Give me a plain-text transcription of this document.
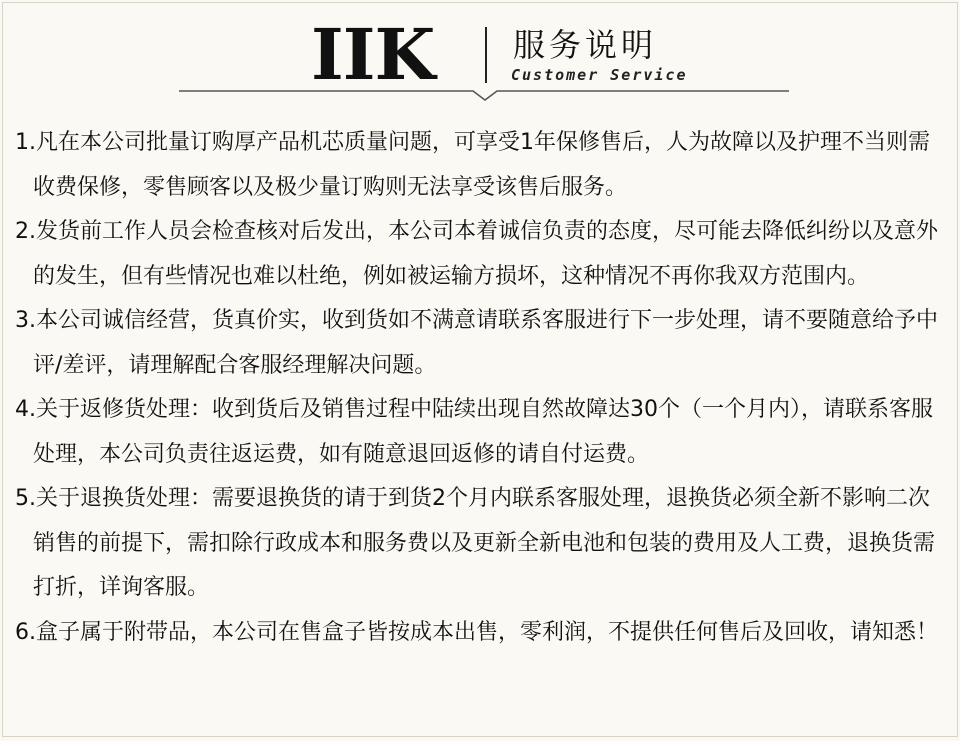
IIK 服务说明
Customer Service

1.凡在本公司批量订购厚产品机芯质量问题，可享受1年保修售后，人为故障以及护理不当则需收费保修，零售顾客以及极少量订购则无法享受该售后服务。

2.发货前工作人员会检查核对后发出，本公司本着诚信负责的态度，尽可能去降低纠纷以及意外的发生，但有些情况也难以杜绝，例如被运输方损坏，这种情况不再你我双方范围内。

3.本公司诚信经营，货真价实，收到货如不满意请联系客服进行下一步处理，请不要随意给予中评/差评，请理解配合客服经理解决问题。

4.关于返修货处理：收到货后及销售过程中陆续出现自然故障达30个（一个月内），请联系客服处理，本公司负责往返运费，如有随意退回返修的请自付运费。

5.关于退换货处理：需要退换货的请于到货2个月内联系客服处理，退换货必须全新不影响二次销售的前提下，需扣除行政成本和服务费以及更新全新电池和包装的费用及人工费，退换货需打折，详询客服。

6.盒子属于附带品，本公司在售盒子皆按成本出售，零利润，不提供任何售后及回收，请知悉！
